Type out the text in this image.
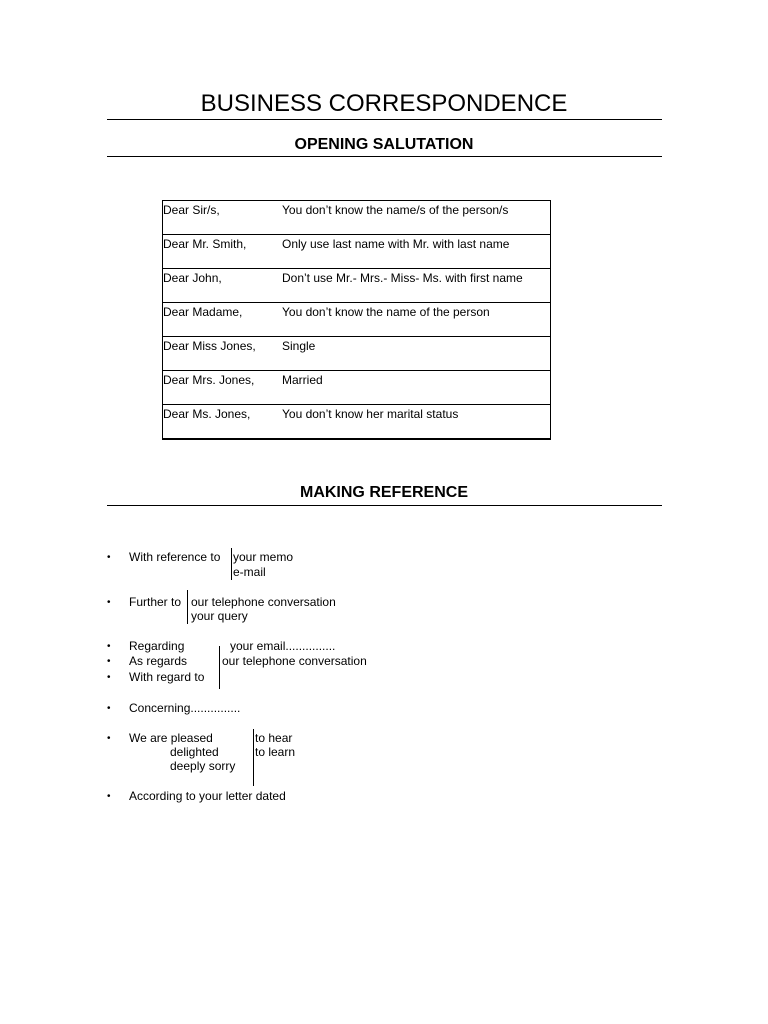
BUSINESS CORRESPONDENCE
OPENING SALUTATION
Dear Sir/s,	You don’t know the name/s of the person/s
Dear Mr. Smith,	Only use last name with Mr. with last name
Dear John,	Don’t use Mr.- Mrs.- Miss- Ms. with first name
Dear Madame,	You don’t know the name of the person
Dear Miss Jones,	Single
Dear Mrs. Jones,	Married
Dear Ms. Jones,	You don’t know her marital status
MAKING REFERENCE
• With reference to your memo
e-mail
• Further to our telephone conversation
your query
• Regarding	your email...............
• As regards	our telephone conversation
• With regard to
• Concerning...............
• We are pleased
delighted
deeply sorry
to hear
to learn
• According to your letter dated
